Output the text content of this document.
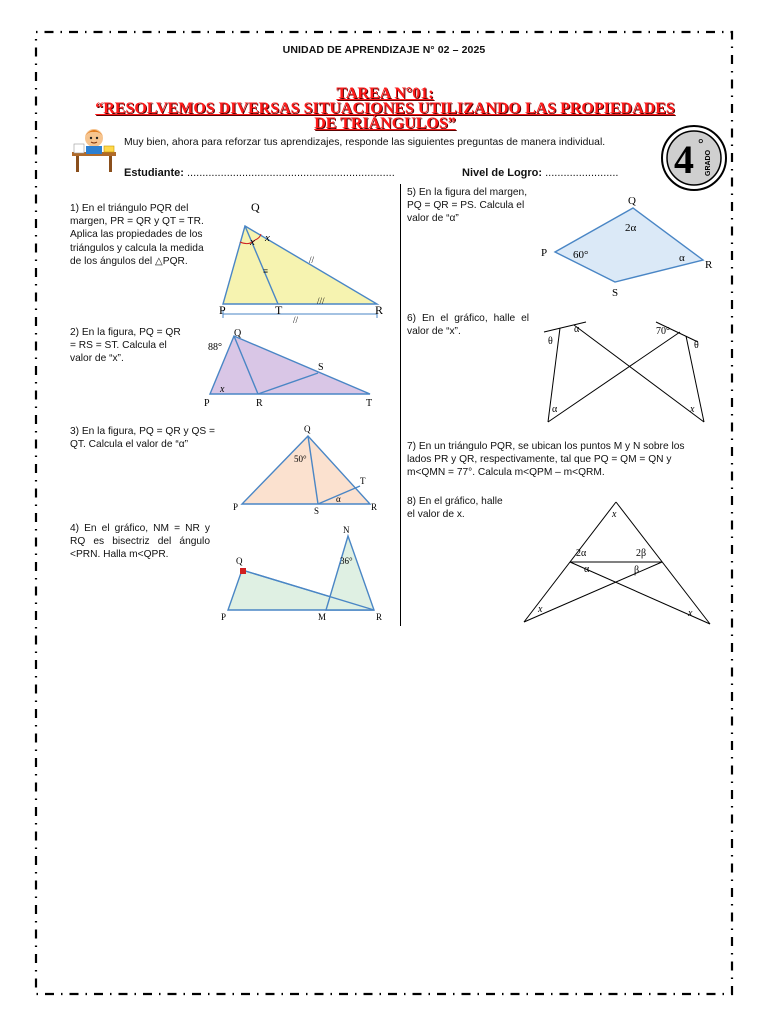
UNIDAD DE APRENDIZAJE N° 02 – 2025
TAREA N°01:
“RESOLVEMOS DIVERSAS SITUACIONES UTILIZANDO LAS PROPIEDADES DE TRIÁNGULOS”
Muy bien, ahora para reforzar tus aprendizajes, responde las siguientes preguntas de manera individual.
Estudiante: ....................................................................	Nivel de Logro: ........................ 4 °
GRADO
1) En el triángulo PQR del margen, PR = QR y QT = TR. Aplica las propiedades de los triángulos y calcula la medida de los ángulos del △PQR.
Q
P	T	R
x x
≡
//
///
//
2) En la figura, PQ = QR = RS = ST. Calcula el valor de “x”.
Q
P	R
S
T
88°
x
3) En la figura, PQ = QR y QS = QT. Calcula el valor de “α”
Q
P	S
T
R
50°
α
4) En el gráfico, NM = NR y RQ es bisectriz del ángulo <PRN. Halla m<QPR.
Q
P	M	R
N
36°
5) En la figura del margen, PQ = QR = PS. Calcula el valor de “α”
Q
P
R
S
2α
60°	α
6) En el gráfico, halle el valor de “x”.	α	70°
θ	θ
α	x
7) En un triángulo PQR, se ubican los puntos M y N sobre los lados PR y QR, respectivamente, tal que PQ = QM = QN y m<QMN = 77°. Calcula m<QPM – m<QRM.
8) En el gráfico, halle el valor de x.	x
2α	2β
α	β
x	x
